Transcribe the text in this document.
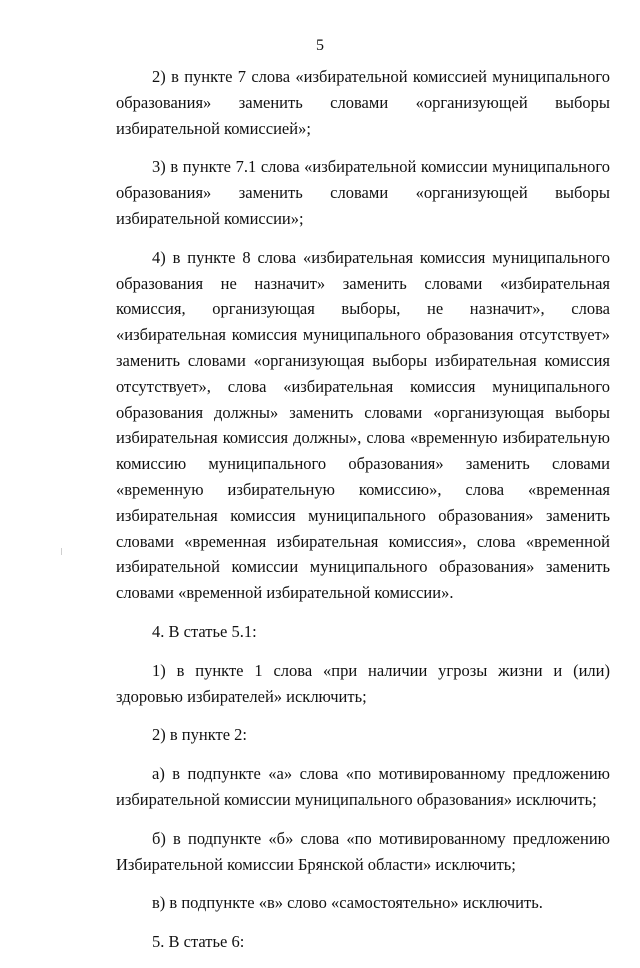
5

2) в пункте 7 слова «избирательной комиссией муниципального образования» заменить словами «организующей выборы избирательной комиссией»;

3) в пункте 7.1 слова «избирательной комиссии муниципального образования» заменить словами «организующей выборы избирательной комиссии»;

4) в пункте 8 слова «избирательная комиссия муниципального образования не назначит» заменить словами «избирательная комиссия, организующая выборы, не назначит», слова «избирательная комиссия муниципального образования отсутствует» заменить словами «организующая выборы избирательная комиссия отсутствует», слова «избирательная комиссия муниципального образования должны» заменить словами «организующая выборы избирательная комиссия должны», слова «временную избирательную комиссию муниципального образования» заменить словами «временную избирательную комиссию», слова «временная избирательная комиссия муниципального образования» заменить словами «временная избирательная комиссия», слова «временной избирательной комиссии муниципального образования» заменить словами «временной избирательной комиссии».

4. В статье 5.1:

1) в пункте 1 слова «при наличии угрозы жизни и (или) здоровью избирателей» исключить;

2) в пункте 2:

а) в подпункте «а» слова «по мотивированному предложению избирательной комиссии муниципального образования» исключить;

б) в подпункте «б» слова «по мотивированному предложению Избирательной комиссии Брянской области» исключить;

в) в подпункте «в» слово «самостоятельно» исключить.

5. В статье 6:
